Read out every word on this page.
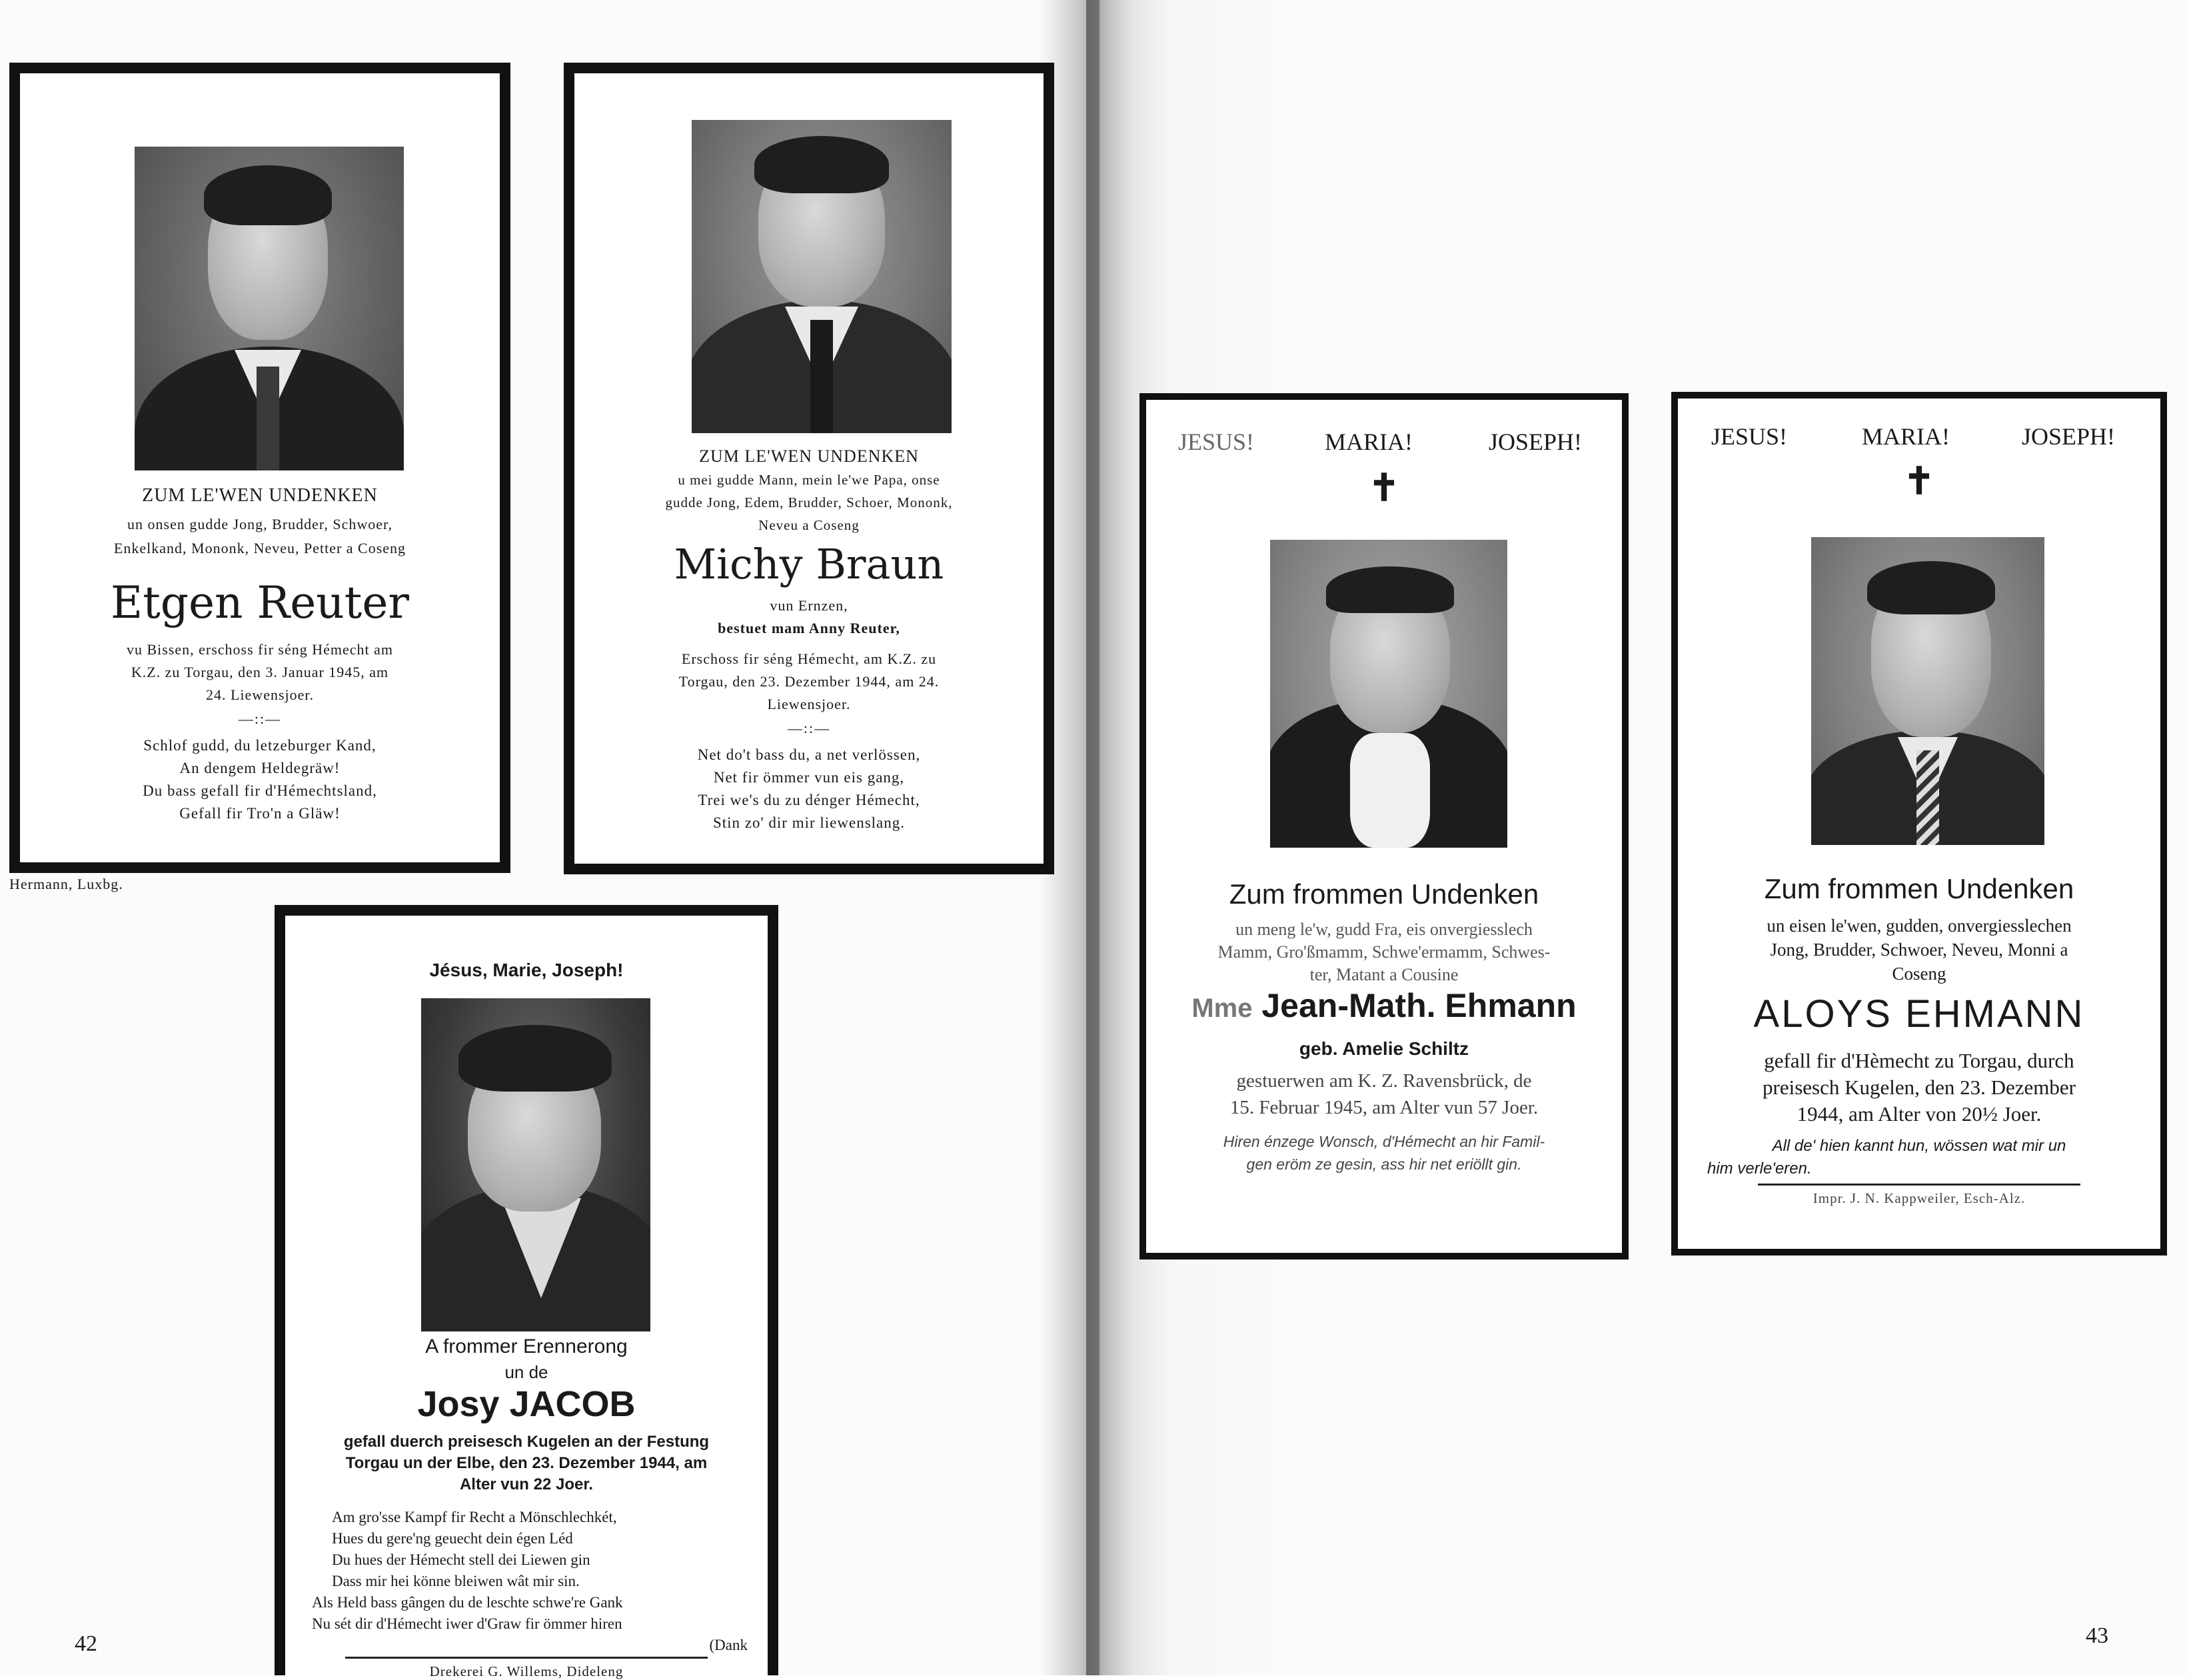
ZUM LE'WEN UNDENKEN
un onsen gudde Jong, Brudder, Schwoer,
Enkelkand, Mononk, Neveu, Petter a Coseng
Etgen Reuter
vu Bissen, erschoss fir séng Hémecht am
K.Z. zu Torgau, den 3. Januar 1945, am
24. Liewensjoer.
—::—
Schlof gudd, du letzeburger Kand,
An dengem Heldegräw!
Du bass gefall fir d'Hémechtsland,
Gefall fir Tro'n a Gläw!
Hermann, Luxbg.
ZUM LE'WEN UNDENKEN
u mei gudde Mann, mein le'we Papa, onse
gudde Jong, Edem, Brudder, Schoer, Mononk,
Neveu a Coseng
Michy Braun
vun Ernzen,
bestuet mam Anny Reuter,
Erschoss fir séng Hémecht, am K.Z. zu
Torgau, den 23. Dezember 1944, am 24.
Liewensjoer.
—::—
Net do't bass du, a net verlössen,
Net fir ömmer vun eis gang,
Trei we's du zu dénger Hémecht,
Stin zo' dir mir liewenslang.
Jésus, Marie, Joseph!
A frommer Erennerong
un de
Josy JACOB
gefall duerch preisesch Kugelen an der Festung
Torgau un der Elbe, den 23. Dezember 1944, am
Alter vun 22 Joer.
Am gro'sse Kampf fir Recht a Mönschlechkét,
Hues du gere'ng geuecht dein égen Léd
Du hues der Hémecht stell dei Liewen gin
Dass mir hei könne bleiwen wât mir sin.
Als Held bass gângen du de leschte schwe're Gank
Nu sét dir d'Hémecht iwer d'Graw fir ömmer hiren
(Dank
Drekerei G. Willems, Dideleng
42
JESUS!	MARIA!	JOSEPH!
✝
Zum frommen Undenken
un meng le'w, gudd Fra, eis onvergiesslech
Mamm, Gro'ßmamm, Schwe'ermamm, Schwes-
ter, Matant a Cousine
Mme Jean-Math. Ehmann
geb. Amelie Schiltz
gestuerwen am K. Z. Ravensbrück, de
15. Februar 1945, am Alter vun 57 Joer.
Hiren énzege Wonsch, d'Hémecht an hir Famil-
gen eröm ze gesin, ass hir net eriöllt gin.
JESUS!	MARIA!	JOSEPH!
✝
Zum frommen Undenken
un eisen le'wen, gudden, onvergiesslechen
Jong, Brudder, Schwoer, Neveu, Monni a
Coseng
ALOYS EHMANN
gefall fir d'Hèmecht zu Torgau, durch
preisesch Kugelen, den 23. Dezember
1944, am Alter von 20½ Joer.
All de' hien kannt hun, wössen wat mir un
him verle'eren.
Impr. J. N. Kappweiler, Esch-Alz.
43
